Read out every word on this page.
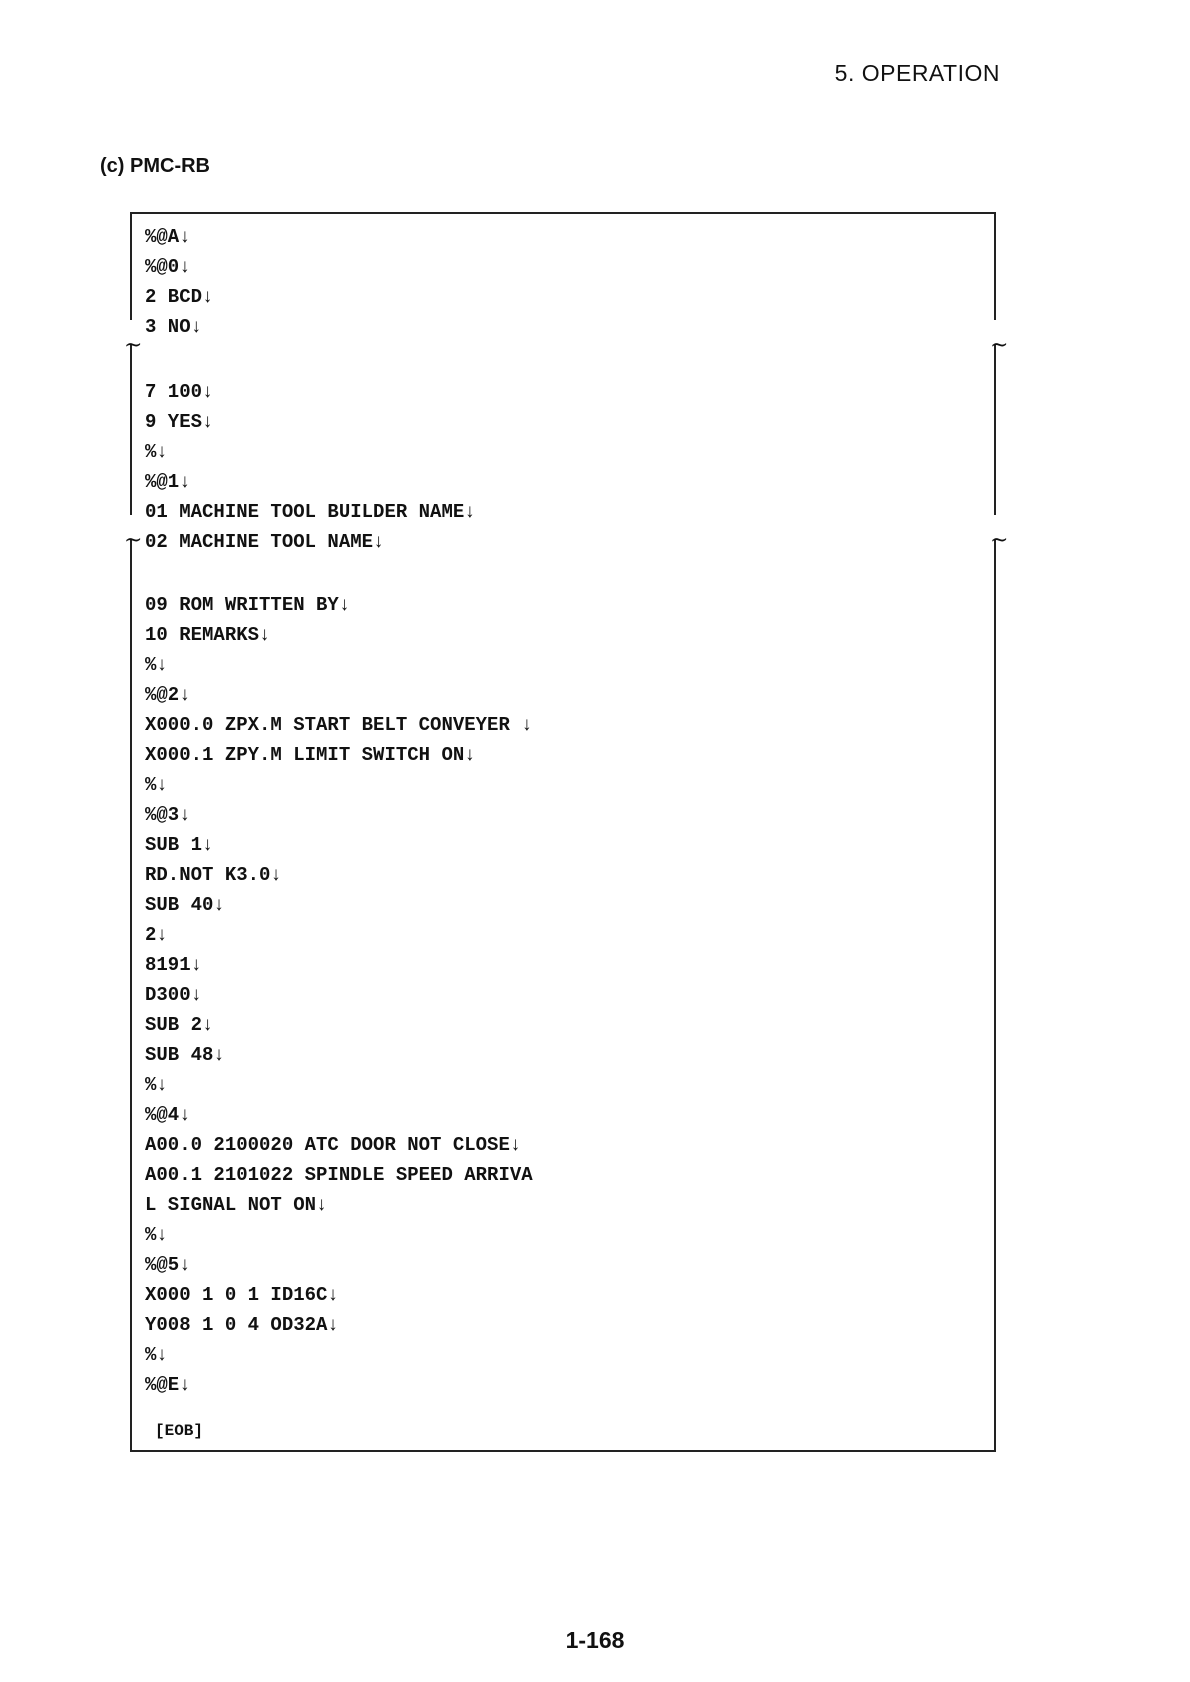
5. OPERATION
(c) PMC-RB
~	~
~	~
%@A↓
%@0↓
2 BCD↓
3 NO↓
7 100↓
9 YES↓
%↓
%@1↓
01 MACHINE TOOL BUILDER NAME↓
02 MACHINE TOOL NAME↓
09 ROM WRITTEN BY↓
10 REMARKS↓
%↓
%@2↓
X000.0 ZPX.M START BELT CONVEYER ↓
X000.1 ZPY.M LIMIT SWITCH ON↓
%↓
%@3↓
SUB 1↓
RD.NOT K3.0↓
SUB 40↓
2↓
8191↓
D300↓
SUB 2↓
SUB 48↓
%↓
%@4↓
A00.0 2100020 ATC DOOR NOT CLOSE↓
A00.1 2101022 SPINDLE SPEED ARRIVA
L SIGNAL NOT ON↓
%↓
%@5↓
X000 1 0 1 ID16C↓
Y008 1 0 4 OD32A↓
%↓
%@E↓
[EOB]
1-168
